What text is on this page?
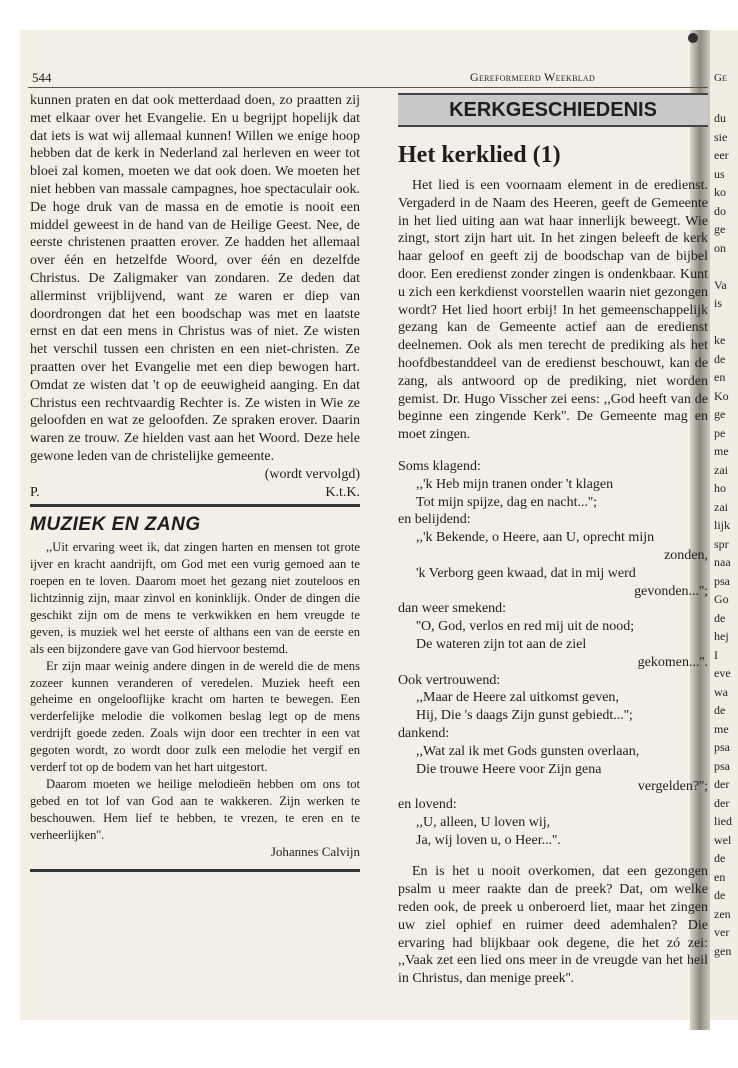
Ge
du
sie
eer
us
ko
do
ge
on
Va
is
ke
de
en
Ko
ge
pe
me
zai
ho
zai
lijk
spr
naa
psa
Go
de
hej
I
eve
wa
de
me
psa
psa
der
der
lied
wel
de
en
de
zen
ver
gen
544	Gereformeerd Weekblad

kunnen praten en dat ook metterdaad doen, zo praatten zij met elkaar over het Evangelie. En u begrijpt hopelijk dat dat iets is wat wij allemaal kunnen! Willen we enige hoop hebben dat de kerk in Nederland zal herleven en weer tot bloei zal komen, moeten we dat ook doen. We moeten het niet hebben van massale campagnes, hoe spectaculair ook. De hoge druk van de massa en de emotie is nooit een middel geweest in de hand van de Heilige Geest. Nee, de eerste christenen praatten erover. Ze hadden het allemaal over één en hetzelfde Woord, over één en dezelfde Christus. De Zaligmaker van zondaren. Ze deden dat allerminst vrijblijvend, want ze waren er diep van doordrongen dat het een boodschap was met en laatste ernst en dat een mens in Christus was of niet. Ze wisten het verschil tussen een christen en een niet-christen. Ze praatten over het Evangelie met een diep bewogen hart. Omdat ze wisten dat 't op de eeuwigheid aanging. En dat Christus een rechtvaardig Rechter is. Ze wisten in Wie ze geloofden en wat ze geloofden. Ze spraken erover. Daarin waren ze trouw. Ze hielden vast aan het Woord. Deze hele gewone leden van de christelijke gemeente.

(wordt vervolgd)

P.	K.t.K.
MUZIEK EN ZANG

,,Uit ervaring weet ik, dat zingen harten en mensen tot grote ijver en kracht aandrijft, om God met een vurig gemoed aan te roepen en te loven. Daarom moet het gezang niet zouteloos en lichtzinnig zijn, maar zinvol en koninklijk. Onder de dingen die geschikt zijn om de mens te verkwikken en hem vreugde te geven, is muziek wel het eerste of althans een van de eerste en als een bijzondere gave van God hiervoor bestemd.

Er zijn maar weinig andere dingen in de wereld die de mens zozeer kunnen veranderen of veredelen. Muziek heeft een geheime en ongelooflijke kracht om harten te bewegen. Een verderfelijke melodie die volkomen beslag legt op de mens verdrijft goede zeden. Zoals wijn door een trechter in een vat gegoten wordt, zo wordt door zulk een melodie het vergif en verderf tot op de bodem van het hart uitgestort.

Daarom moeten we heilige melodieën hebben om ons tot gebed en tot lof van God aan te wakkeren. Zijn werken te beschouwen. Hem lief te hebben, te vrezen, te eren en te verheerlijken''.

Johannes Calvijn
KERKGESCHIEDENIS
Het kerklied (1)

Het lied is een voornaam element in de eredienst. Vergaderd in de Naam des Heeren, geeft de Gemeente in het lied uiting aan wat haar innerlijk beweegt. Wie zingt, stort zijn hart uit. In het zingen beleeft de kerk haar geloof en geeft zij de boodschap van de bijbel door. Een eredienst zonder zingen is ondenkbaar. Kunt u zich een kerkdienst voorstellen waarin niet gezongen wordt? Het lied hoort erbij! In het gemeenschappelijk gezang kan de Gemeente actief aan de eredienst deelnemen. Ook als men terecht de prediking als het hoofdbestanddeel van de eredienst beschouwt, kan de zang, als antwoord op de prediking, niet worden gemist. Dr. Hugo Visscher zei eens: ,,God heeft van de beginne een zingende Kerk''. De Gemeente mag en moet zingen.

Soms klagend:
,,'k Heb mijn tranen onder 't klagen
Tot mijn spijze, dag en nacht...'';
en belijdend:
,,'k Bekende, o Heere, aan U, oprecht mijn
zonden,
'k Verborg geen kwaad, dat in mij werd
gevonden...'';
dan weer smekend:
''O, God, verlos en red mij uit de nood;
De wateren zijn tot aan de ziel
gekomen...''.
Ook vertrouwend:
,,Maar de Heere zal uitkomst geven,
Hij, Die 's daags Zijn gunst gebiedt...'';
dankend:
,,Wat zal ik met Gods gunsten overlaan,
Die trouwe Heere voor Zijn gena
vergelden?'';
en lovend:
,,U, alleen, U loven wij,
Ja, wij loven u, o Heer...''.

En is het u nooit overkomen, dat een gezongen psalm u meer raakte dan de preek? Dat, om welke reden ook, de preek u onberoerd liet, maar het zingen uw ziel ophief en ruimer deed ademhalen? Die ervaring had blijkbaar ook degene, die het zó zei: ,,Vaak zet een lied ons meer in de vreugde van het heil in Christus, dan menige preek''.
